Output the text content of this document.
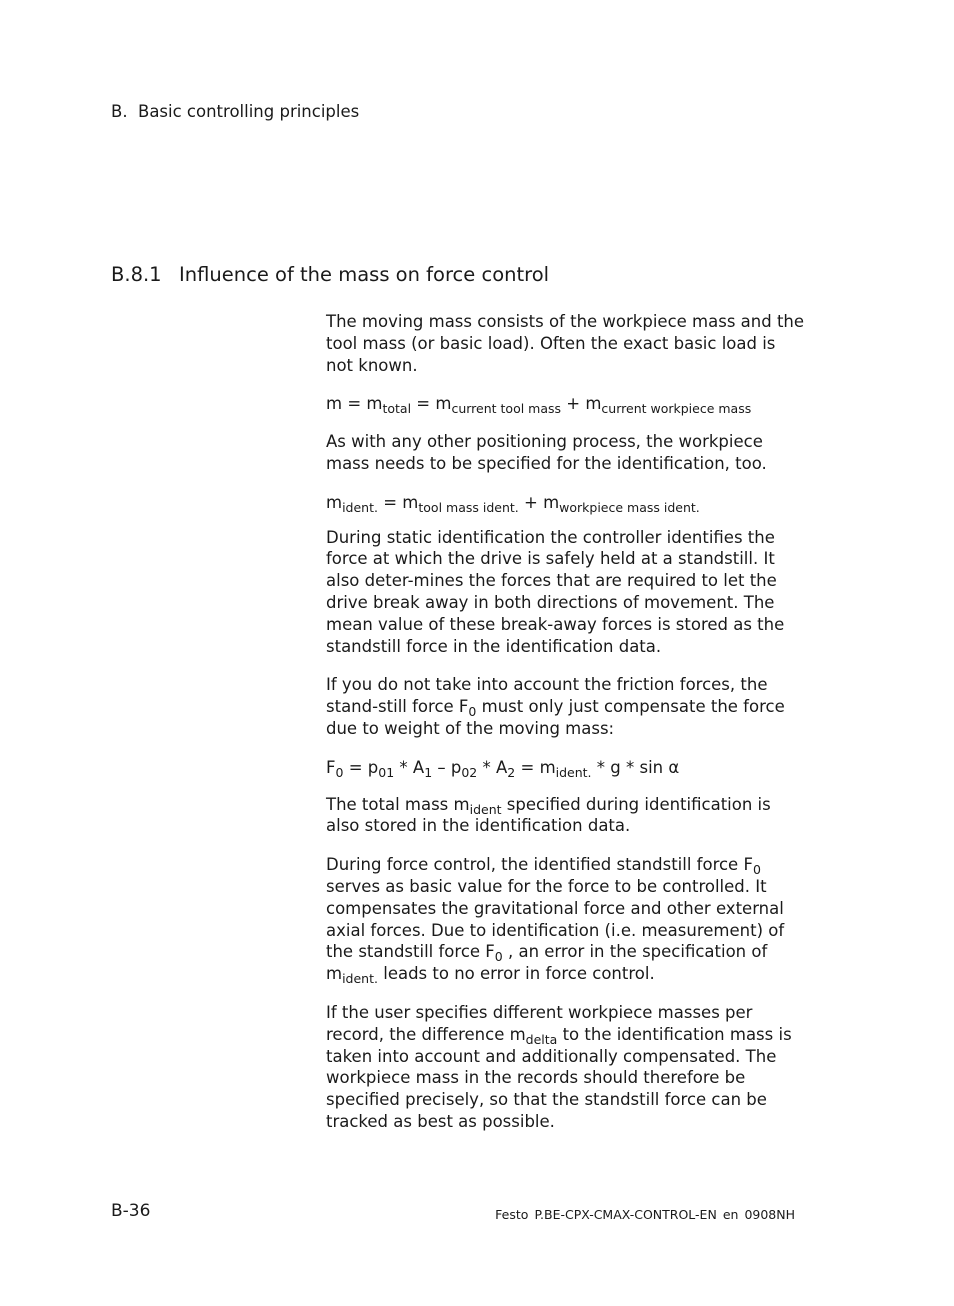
B. Basic controlling principles
B.8.1 Influence of the mass on force control

The moving mass consists of the workpiece mass and the tool mass (or basic load). Often the exact basic load is not known.

$m = m_{total} = m_{current tool mass} + m_{current workpiece mass}$

As with any other positioning process, the workpiece mass needs to be specified for the identification, too.

$m_{ident.} = m_{tool mass ident.} + m_{workpiece mass ident.}$

During static identification the controller identifies the force at which the drive is safely held at a standstill. It also deter-mines the forces that are required to let the drive break away in both directions of movement. The mean value of these break-away forces is stored as the standstill force in the identification data.

If you do not take into account the friction forces, the stand-still force $F_0$ must only just compensate the force due to weight of the moving mass:

$F_0 = p_{01} * A_1 - p_{02} * A_2 = m_{ident.} * g * \sin \alpha$

The total mass $m_{ident}$ specified during identification is also stored in the identification data.

During force control, the identified standstill force $F_0$ serves as basic value for the force to be controlled. It compensates the gravitational force and other external axial forces. Due to identification (i.e. measurement) of the standstill force $F_0$ , an error in the specification of $m_{ident.}$ leads to no error in force control.

If the user specifies different workpiece masses per record, the difference $m_{delta}$ to the identification mass is taken into account and additionally compensated. The workpiece mass in the records should therefore be specified precisely, so that the standstill force can be tracked as best as possible.

B-36	Festo P.BE-CPX-CMAX-CONTROL-EN en 0908NH
